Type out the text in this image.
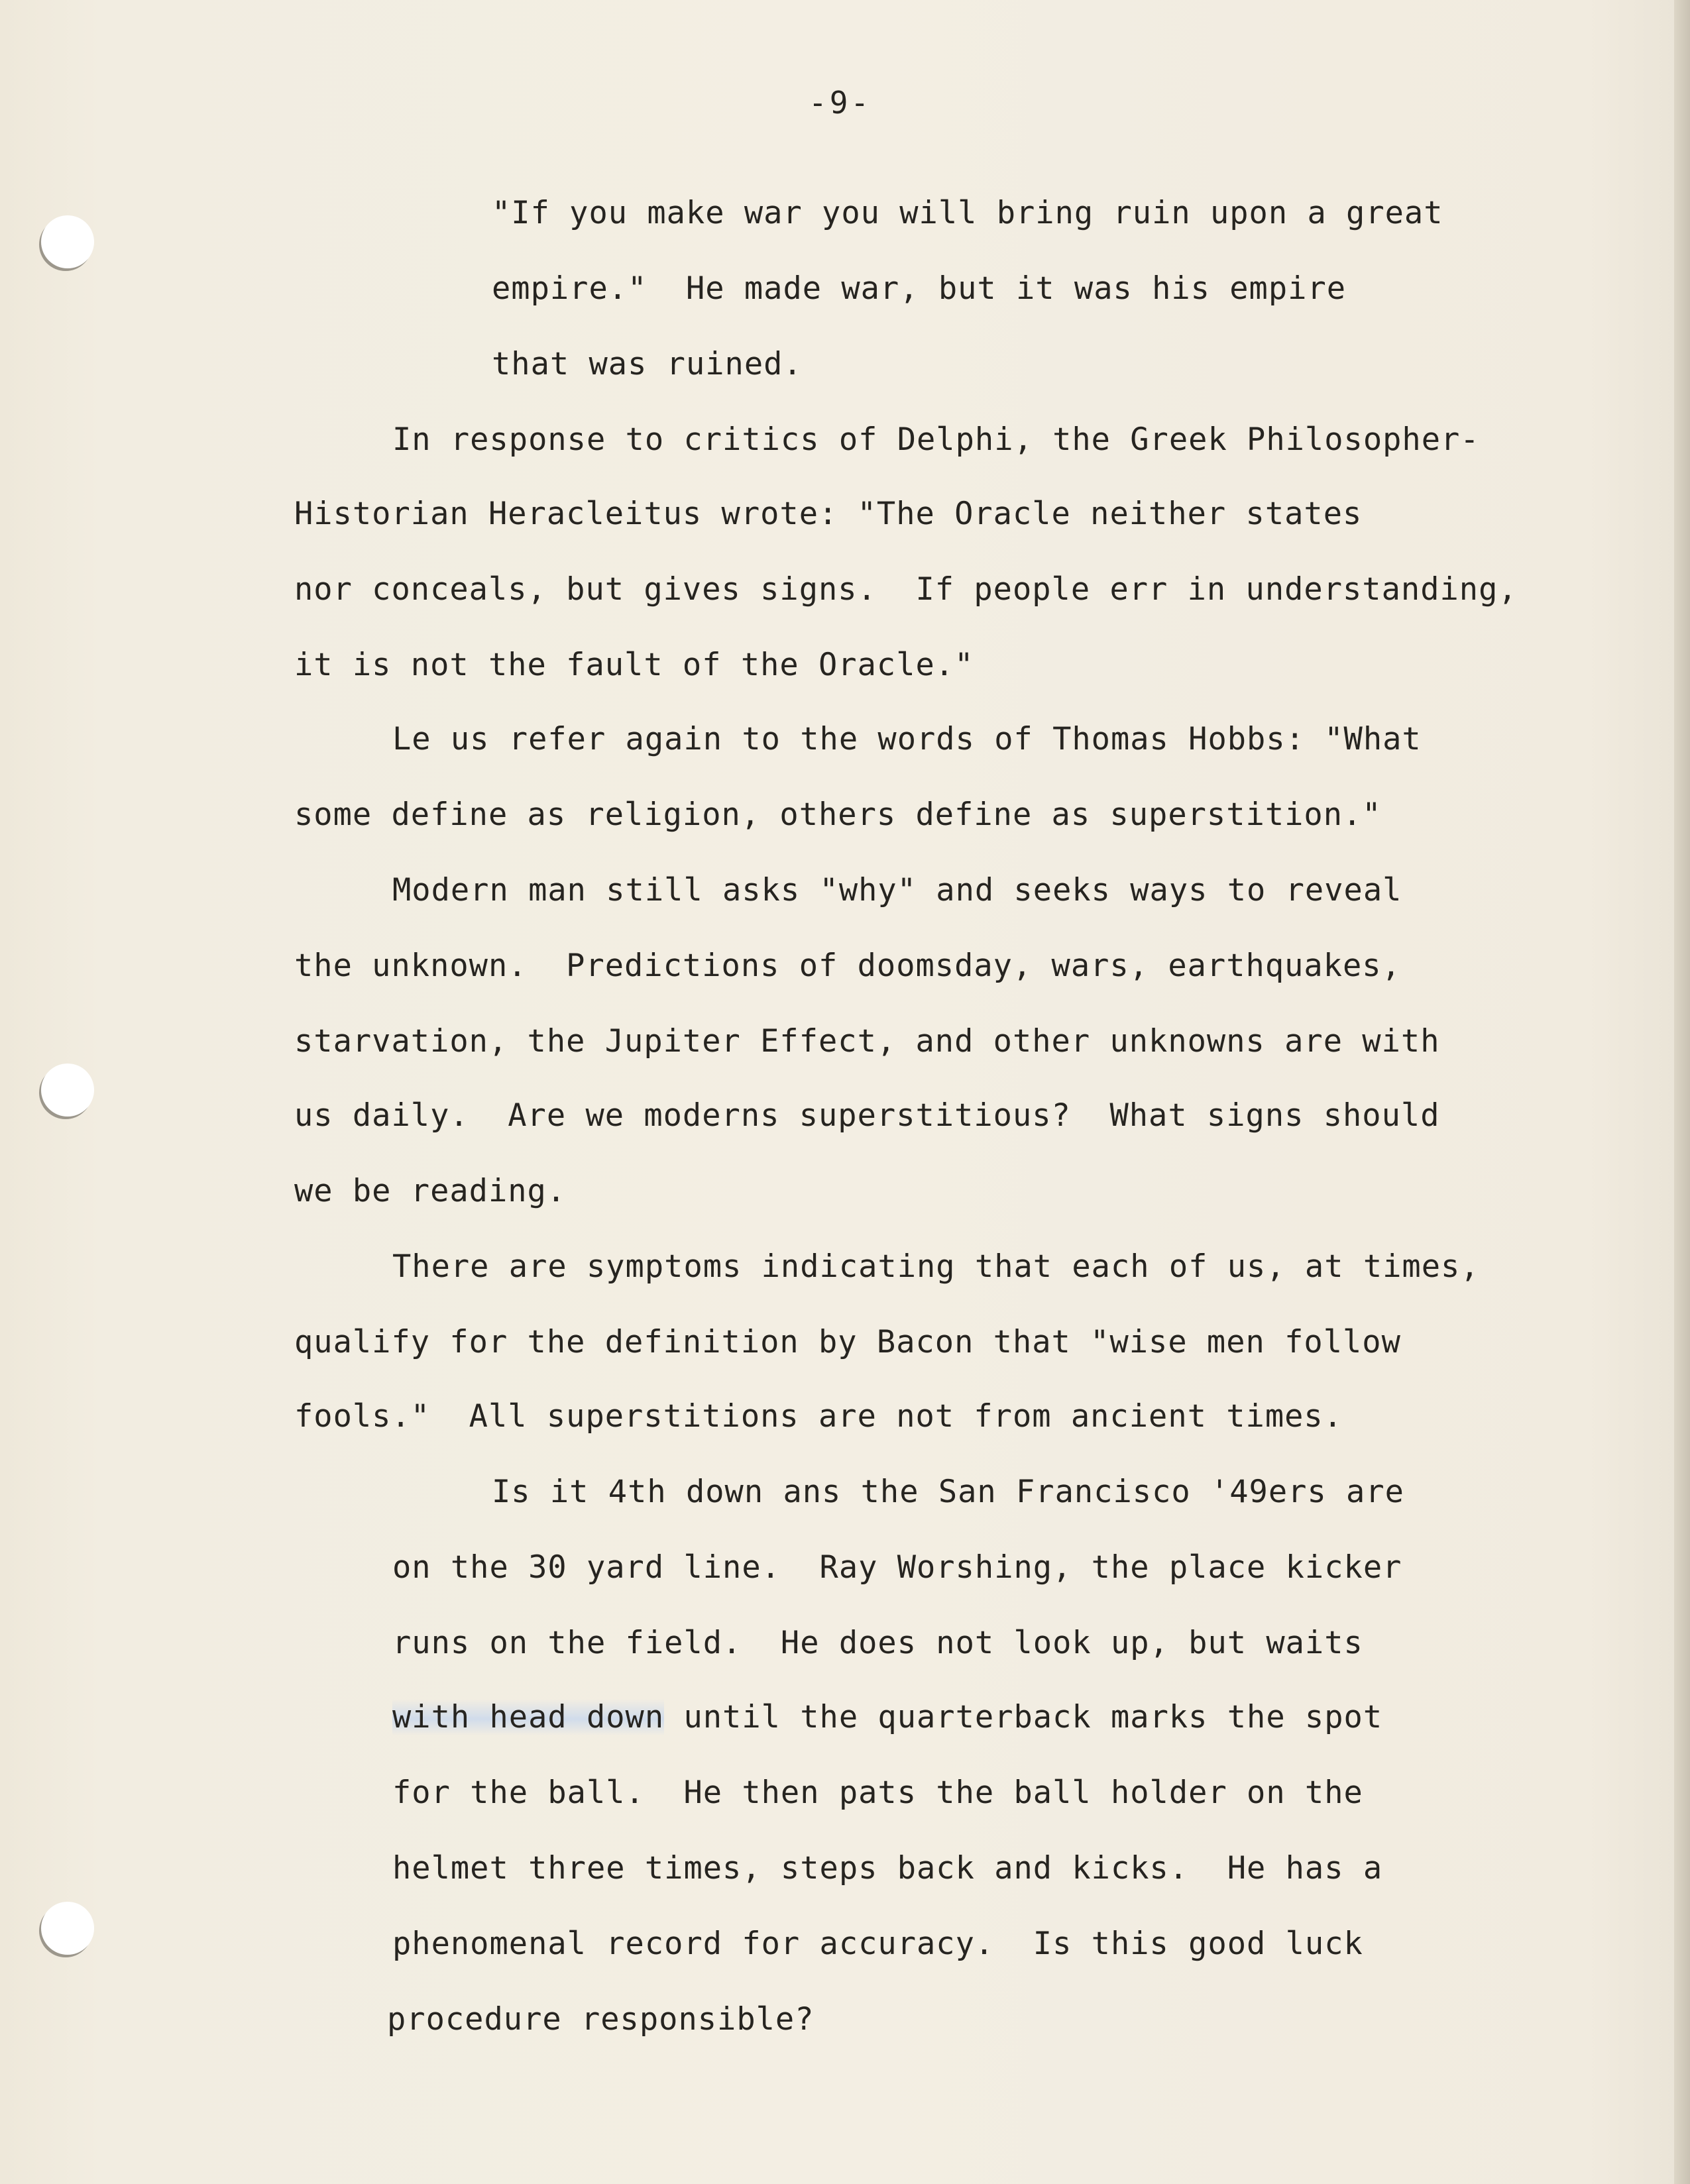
-9-
"If you make war you will bring ruin upon a great
empire."  He made war, but it was his empire
that was ruined.
In response to critics of Delphi, the Greek Philosopher-
Historian Heracleitus wrote: "The Oracle neither states
nor conceals, but gives signs.  If people err in understanding,
it is not the fault of the Oracle."
Le us refer again to the words of Thomas Hobbs: "What
some define as religion, others define as superstition."
Modern man still asks "why" and seeks ways to reveal
the unknown.  Predictions of doomsday, wars, earthquakes,
starvation, the Jupiter Effect, and other unknowns are with
us daily.  Are we moderns superstitious?  What signs should
we be reading.
There are symptoms indicating that each of us, at times,
qualify for the definition by Bacon that "wise men follow
fools."  All superstitions are not from ancient times.
Is it 4th down ans the San Francisco '49ers are
on the 30 yard line.  Ray Worshing, the place kicker
runs on the field.  He does not look up, but waits
with head down until the quarterback marks the spot
for the ball.  He then pats the ball holder on the
helmet three times, steps back and kicks.  He has a
phenomenal record for accuracy.  Is this good luck
procedure responsible?
